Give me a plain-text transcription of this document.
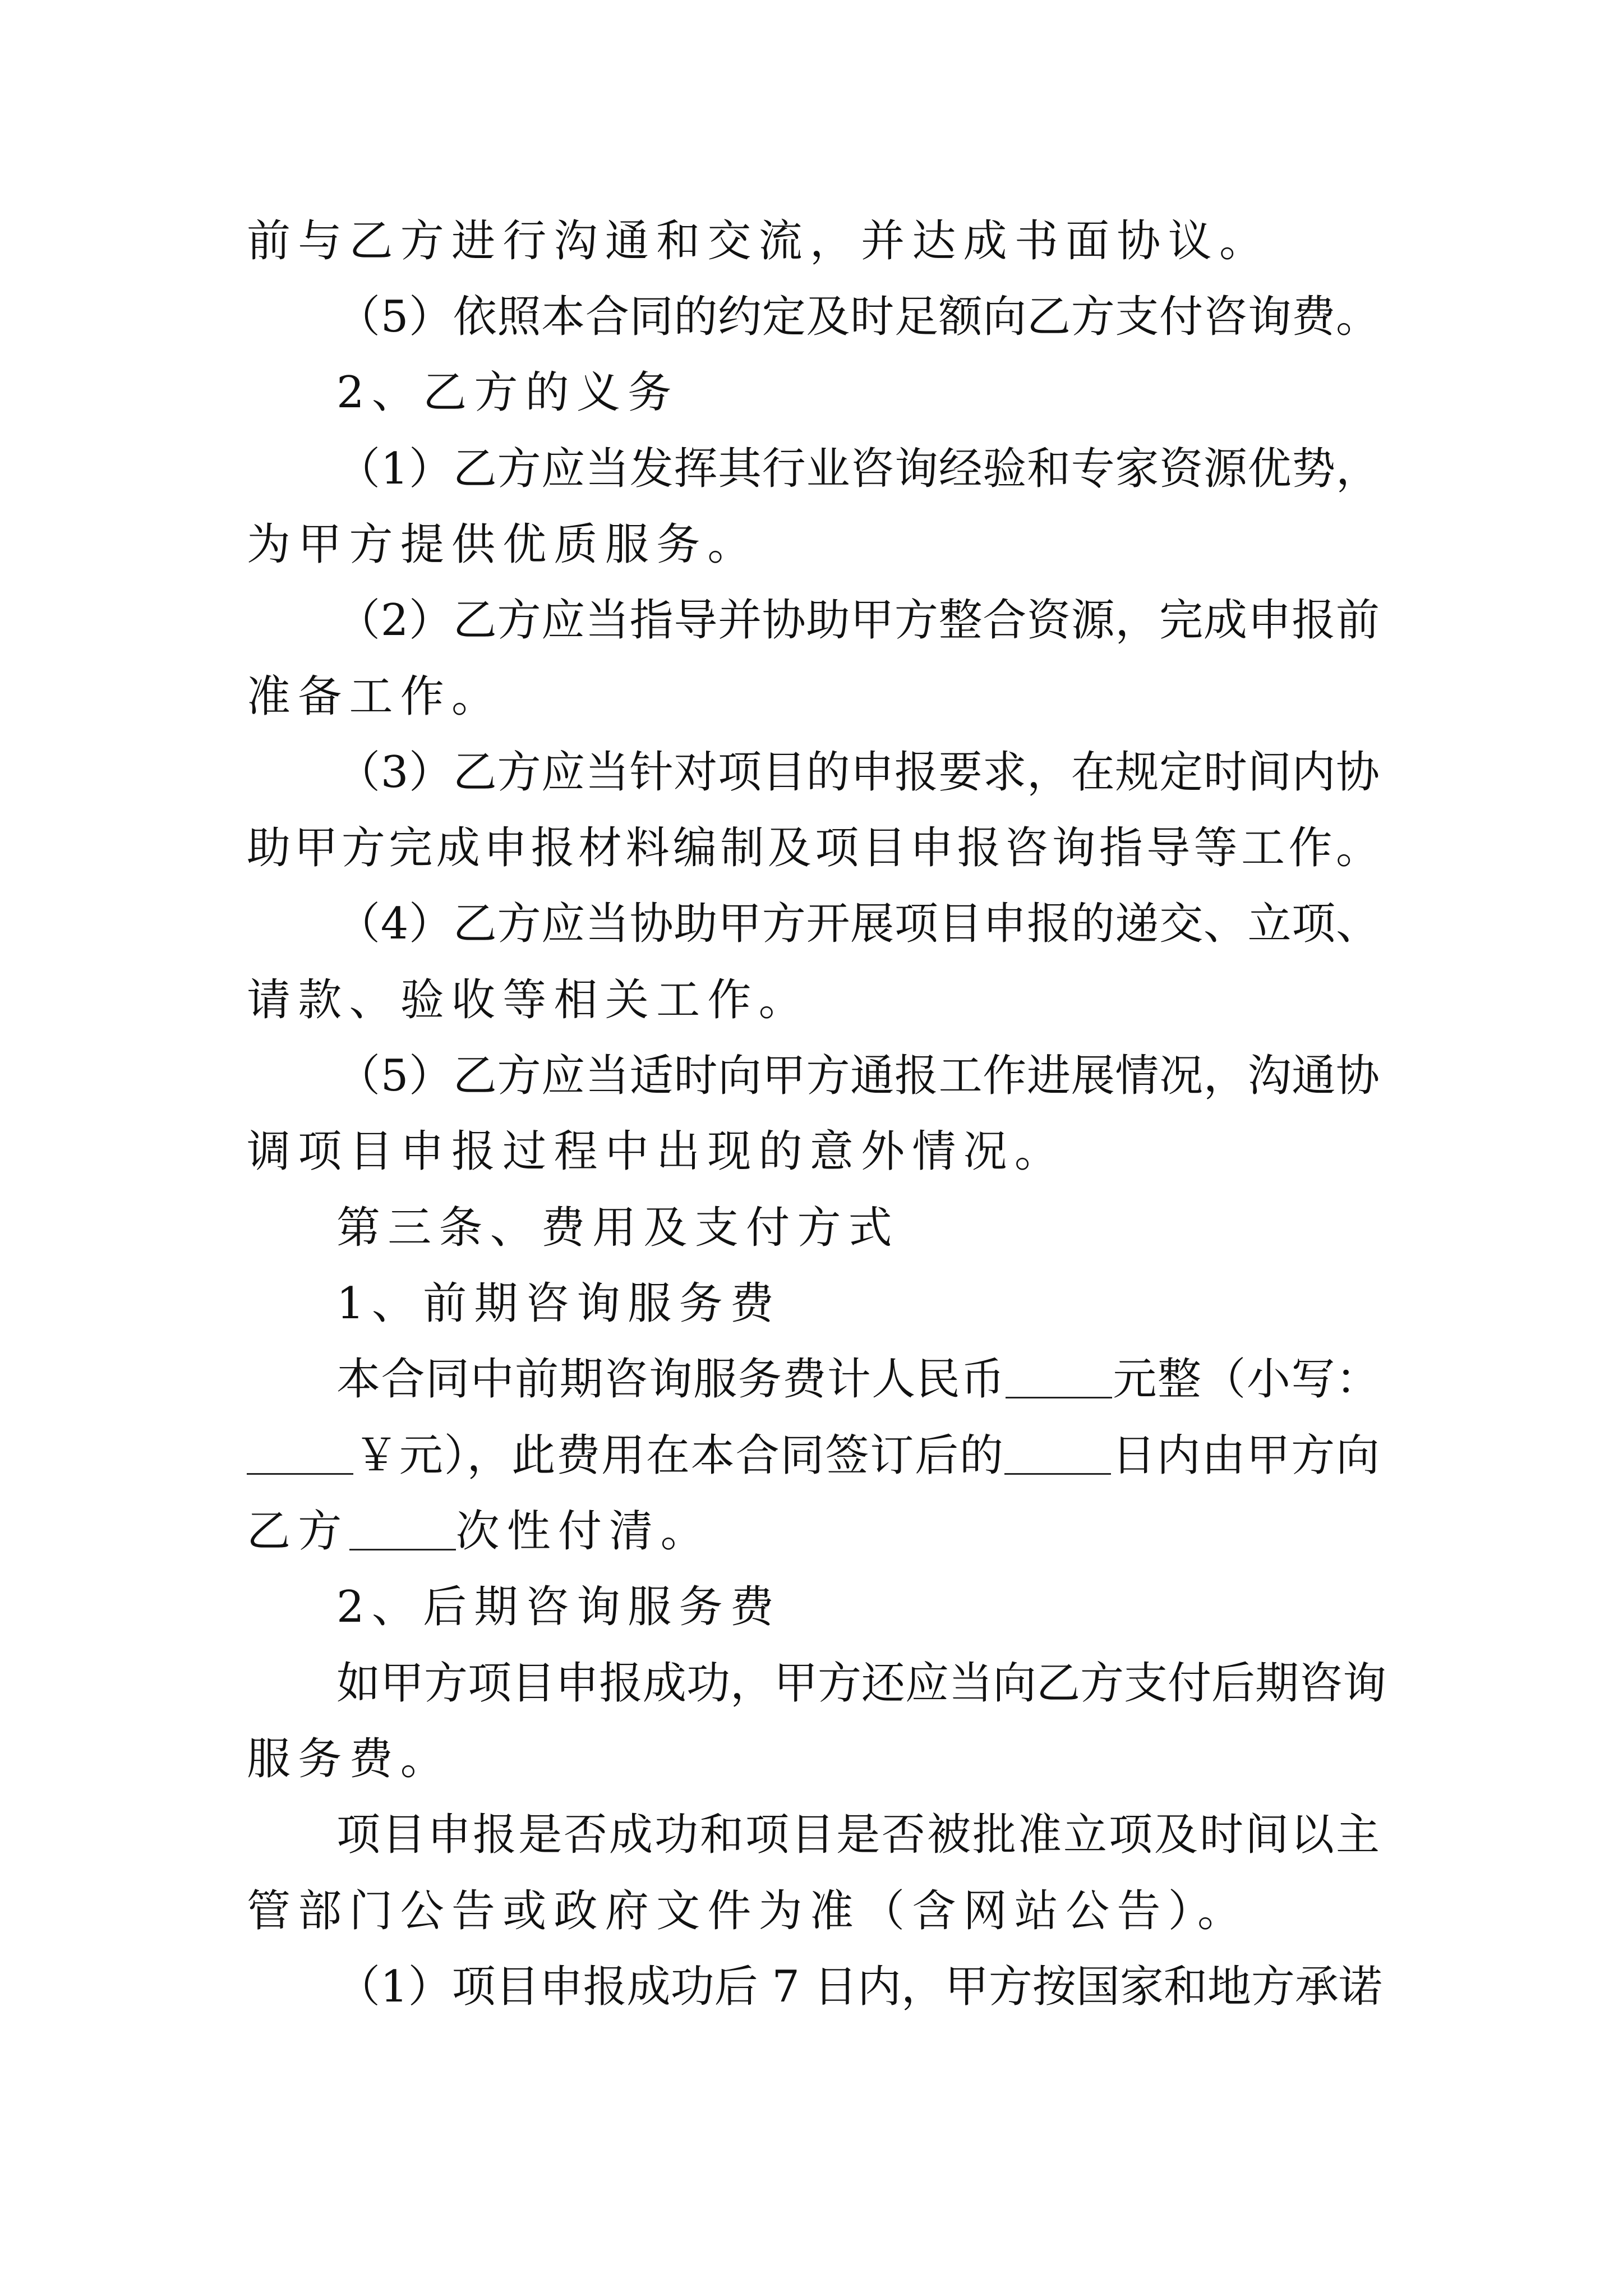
前与乙方进行沟通和交流，并达成书面协议。
（5）依照本合同的约定及时足额向乙方支付咨询费。
2、乙方的义务
（1）乙方应当发挥其行业咨询经验和专家资源优势，
为甲方提供优质服务。
（2）乙方应当指导并协助甲方整合资源，完成申报前
准备工作。
（3）乙方应当针对项目的申报要求，在规定时间内协
助甲方完成申报材料编制及项目申报咨询指导等工作。
（4）乙方应当协助甲方开展项目申报的递交、立项、
请款、验收等相关工作。
（5）乙方应当适时向甲方通报工作进展情况，沟通协
调项目申报过程中出现的意外情况。
第三条、费用及支付方式
1、前期咨询服务费
本合同中前期咨询服务费计人民币 元整（小写：
￥元），此费用在本合同签订后的 日内由甲方向
乙方 次性付清。
2、后期咨询服务费
如甲方项目申报成功，甲方还应当向乙方支付后期咨询
服务费。
项目申报是否成功和项目是否被批准立项及时间以主
管部门公告或政府文件为准（含网站公告）。
（1）项目申报成功后 7 日内，甲方按国家和地方承诺
